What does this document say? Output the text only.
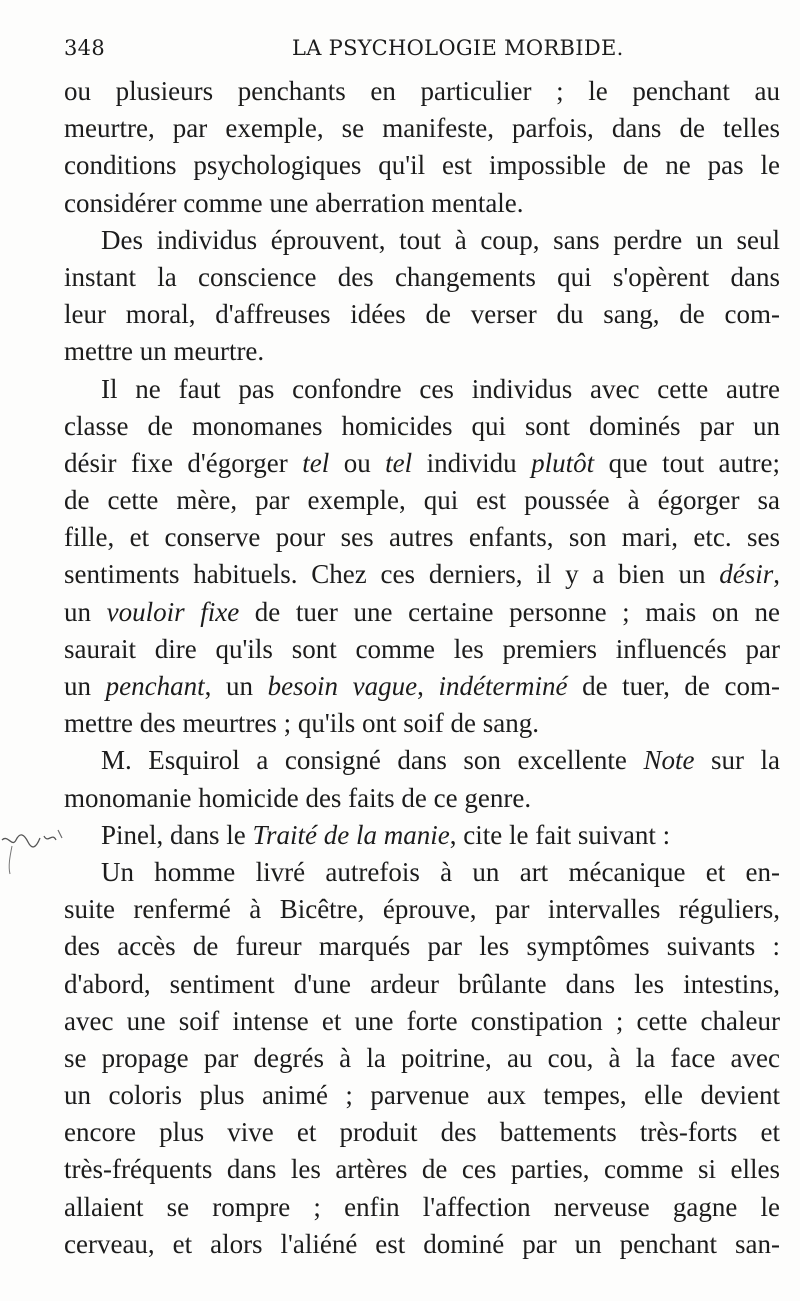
348	LA PSYCHOLOGIE MORBIDE.
ou plusieurs penchants en particulier ; le penchant au
meurtre, par exemple, se manifeste, parfois, dans de telles
conditions psychologiques qu'il est impossible de ne pas le
considérer comme une aberration mentale.
Des individus éprouvent, tout à coup, sans perdre un seul
instant la conscience des changements qui s'opèrent dans
leur moral, d'affreuses idées de verser du sang, de com-
mettre un meurtre.
Il ne faut pas confondre ces individus avec cette autre
classe de monomanes homicides qui sont dominés par un
désir fixe d'égorger tel ou tel individu plutôt que tout autre;
de cette mère, par exemple, qui est poussée à égorger sa
fille, et conserve pour ses autres enfants, son mari, etc. ses
sentiments habituels. Chez ces derniers, il y a bien un désir,
un vouloir fixe de tuer une certaine personne ; mais on ne
saurait dire qu'ils sont comme les premiers influencés par
un penchant, un besoin vague, indéterminé de tuer, de com-
mettre des meurtres ; qu'ils ont soif de sang.
M. Esquirol a consigné dans son excellente Note sur la
monomanie homicide des faits de ce genre.
Pinel, dans le Traité de la manie, cite le fait suivant :
Un homme livré autrefois à un art mécanique et en-
suite renfermé à Bicêtre, éprouve, par intervalles réguliers,
des accès de fureur marqués par les symptômes suivants :
d'abord, sentiment d'une ardeur brûlante dans les intestins,
avec une soif intense et une forte constipation ; cette chaleur
se propage par degrés à la poitrine, au cou, à la face avec
un coloris plus animé ; parvenue aux tempes, elle devient
encore plus vive et produit des battements très-forts et
très-fréquents dans les artères de ces parties, comme si elles
allaient se rompre ; enfin l'affection nerveuse gagne le
cerveau, et alors l'aliéné est dominé par un penchant san-
